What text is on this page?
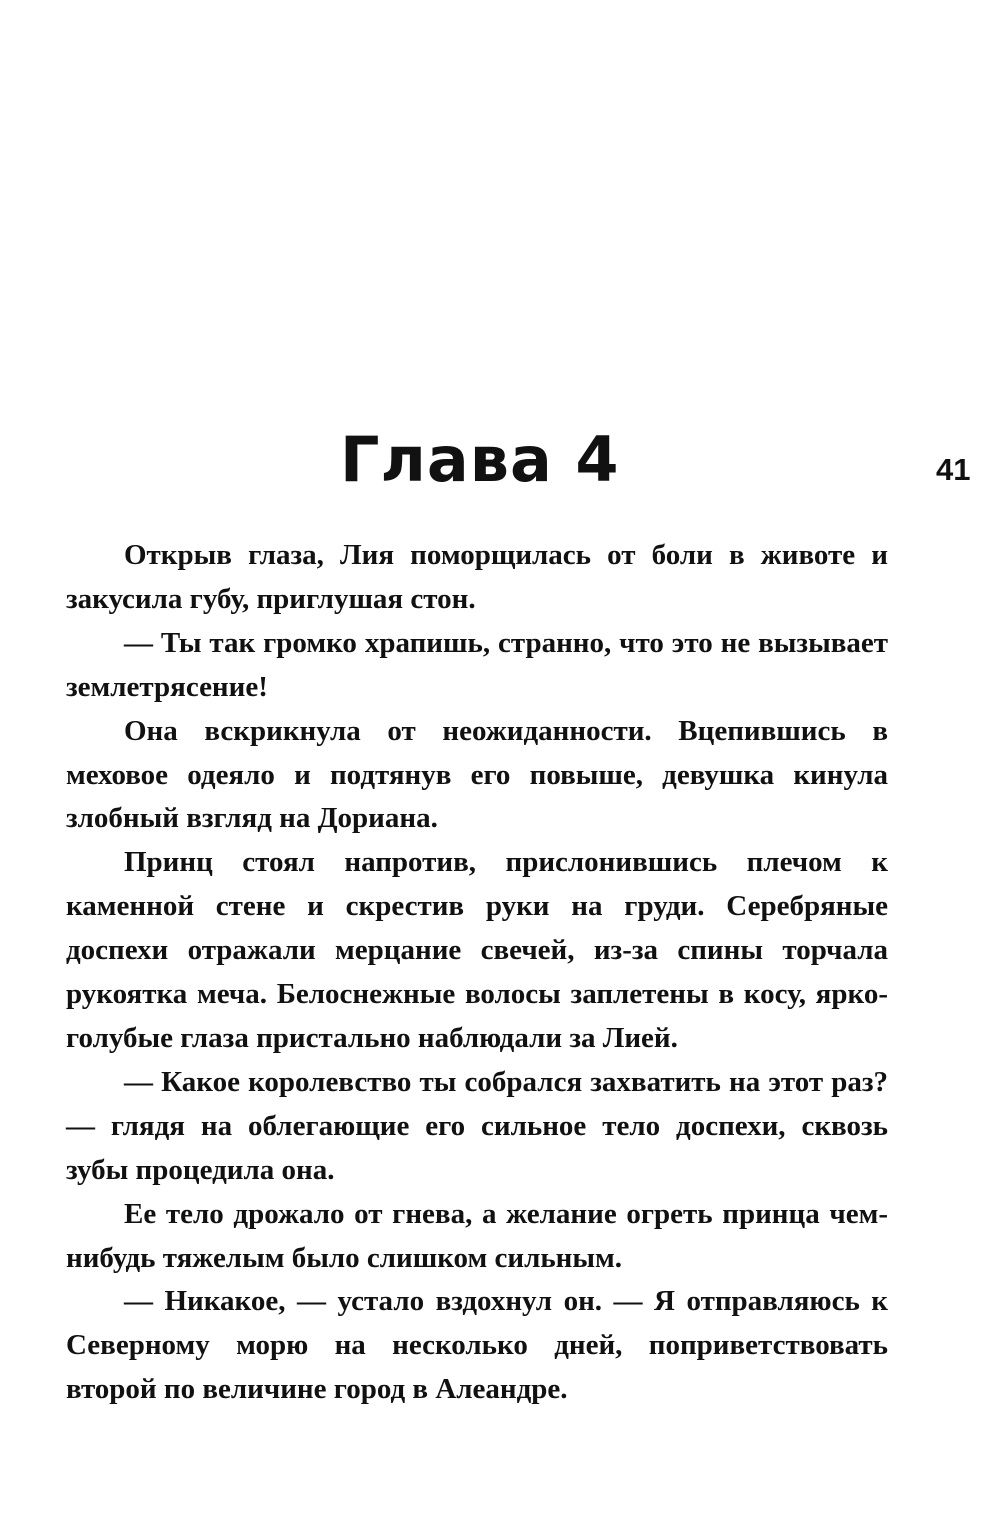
Глава 4	41

Открыв глаза, Лия поморщилась от боли в животе и закусила губу, приглушая стон.

— Ты так громко храпишь, странно, что это не вызывает землетрясение!

Она вскрикнула от неожиданности. Вцепившись в меховое одеяло и подтянув его повыше, девушка кинула злобный взгляд на Дориана.

Принц стоял напротив, прислонившись плечом к каменной стене и скрестив руки на груди. Серебряные доспехи отражали мерцание свечей, из-за спины торчала рукоятка меча. Белоснежные волосы заплетены в косу, ярко-голубые глаза пристально наблюдали за Лией.

— Какое королевство ты собрался захватить на этот раз? — глядя на облегающие его сильное тело доспехи, сквозь зубы процедила она.

Ее тело дрожало от гнева, а желание огреть принца чем-нибудь тяжелым было слишком сильным.

— Никакое, — устало вздохнул он. — Я отправляюсь к Северному морю на несколько дней, поприветствовать второй по величине город в Алеандре.
